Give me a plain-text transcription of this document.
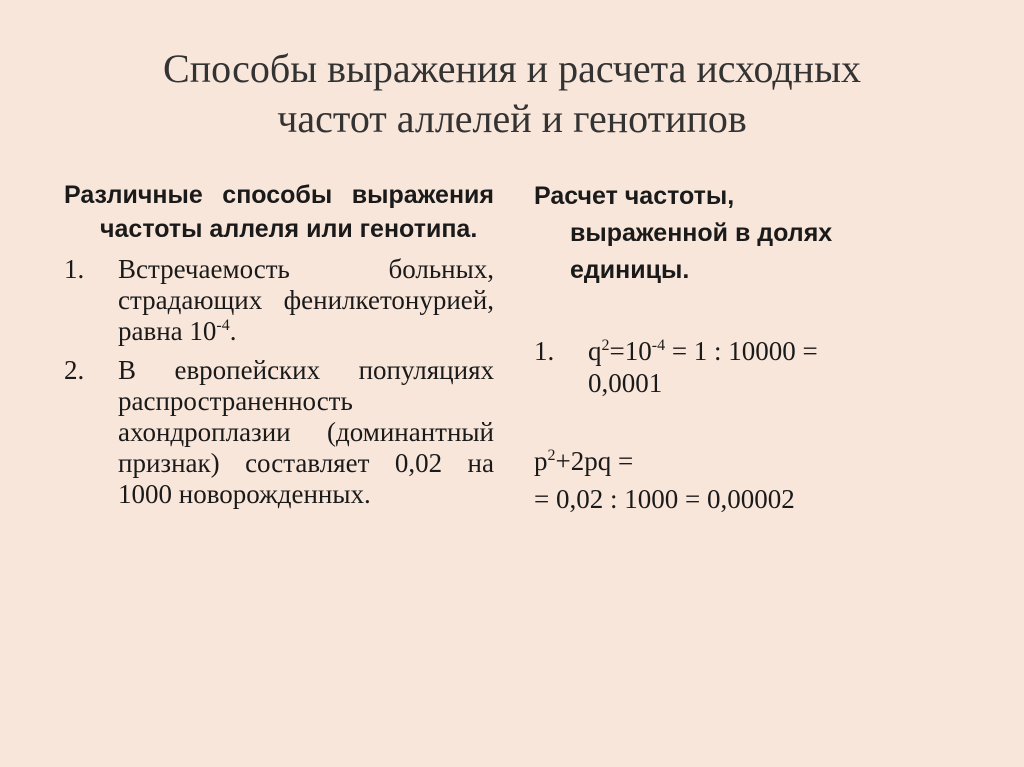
Способы выражения и расчета исходных
частот аллелей и генотипов
Различные способы выражения частоты аллеля или генотипа.
1. Встречаемость больных, страдающих фенилкетонурией, равна $10^{-4}$.
2. В европейских популяциях распространенность ахондроплазии (доминантный признак) составляет 0,02 на 1000 новорожденных.
Расчет частоты, выраженной в долях единицы.
1. $q^2=10^{-4} = 1$ : 10000 = 0,0001
$p^2+2pq$ =
= 0,02 : 1000 = 0,00002
